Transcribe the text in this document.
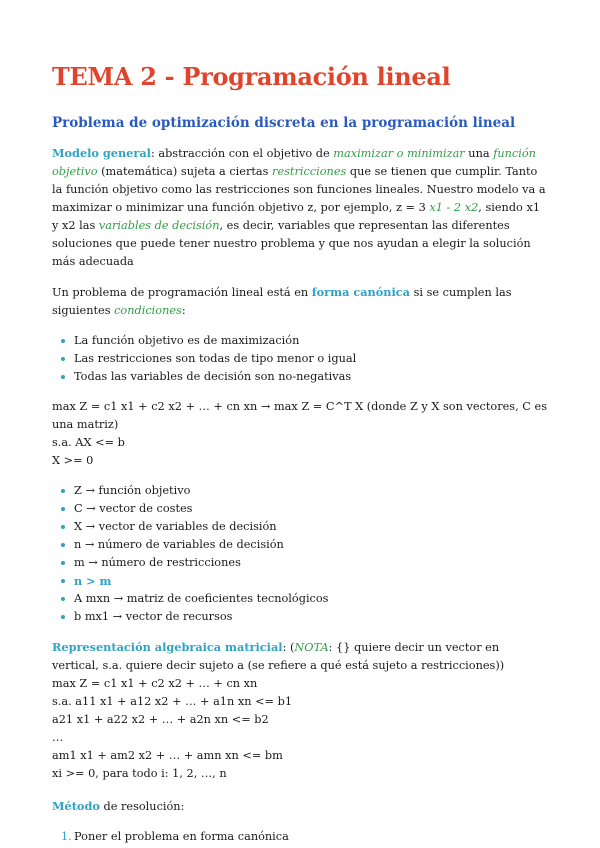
TEMA 2 - Programación lineal
Problema de optimización discreta en la programación lineal

Modelo general: abstracción con el objetivo de maximizar o minimizar una función objetivo (matemática) sujeta a ciertas restricciones que se tienen que cumplir. Tanto la función objetivo como las restricciones son funciones lineales. Nuestro modelo va a maximizar o minimizar una función objetivo z, por ejemplo, z = 3 x1 - 2 x2, siendo x1 y x2 las variables de decisión, es decir, variables que representan las diferentes soluciones que puede tener nuestro problema y que nos ayudan a elegir la solución más adecuada

Un problema de programación lineal está en forma canónica si se cumplen las siguientes condiciones:

La función objetivo es de maximización
Las restricciones son todas de tipo menor o igual
Todas las variables de decisión son no-negativas

max Z = c1 x1 + c2 x2 + … + cn xn → max Z = C^T X (donde Z y X son vectores, C es una matriz)

s.a. AX <= b

X >= 0

Z → función objetivo
C → vector de costes
X → vector de variables de decisión
n → número de variables de decisión
m → número de restricciones
n > m
A mxn → matriz de coeficientes tecnológicos
b mx1 → vector de recursos

Representación algebraica matricial: (NOTA: {} quiere decir un vector en vertical, s.a. quiere decir sujeto a (se refiere a qué está sujeto a restricciones))

max Z = c1 x1 + c2 x2 + … + cn xn

s.a. a11 x1 + a12 x2 + … + a1n xn <= b1

a21 x1 + a22 x2 + … + a2n xn <= b2

…

am1 x1 + am2 x2 + … + amn xn <= bm

xi >= 0, para todo i: 1, 2, …, n

Método de resolución:

1. Poner el problema en forma canónica
